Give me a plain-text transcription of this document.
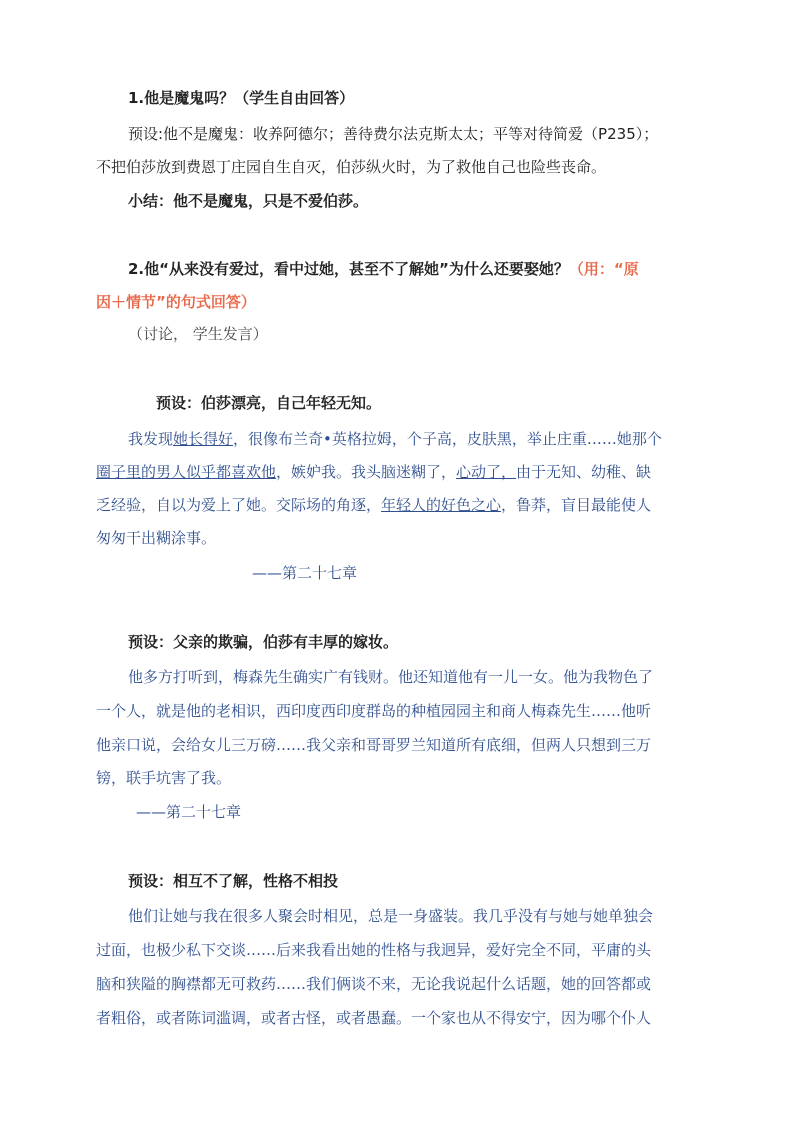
1.他是魔鬼吗？（学生自由回答）
预设:他不是魔鬼：收养阿德尔；善待费尔法克斯太太；平等对待简爱（P235）；
不把伯莎放到费恩丁庄园自生自灭，伯莎纵火时，为了救他自己也险些丧命。
小结：他不是魔鬼，只是不爱伯莎。
2.他“从来没有爱过，看中过她，甚至不了解她”为什么还要娶她？（用：“原
因＋情节”的句式回答）
（讨论， 学生发言）
预设：伯莎漂亮，自己年轻无知。
我发现她长得好，很像布兰奇•英格拉姆，个子高，皮肤黑，举止庄重……她那个
圈子里的男人似乎都喜欢他，嫉妒我。我头脑迷糊了，心动了，由于无知、幼稚、缺
乏经验，自以为爱上了她。交际场的角逐，年轻人的好色之心，鲁莽，盲目最能使人
匆匆干出糊涂事。
——第二十七章
预设：父亲的欺骗，伯莎有丰厚的嫁妆。
他多方打听到，梅森先生确实广有钱财。他还知道他有一儿一女。他为我物色了
一个人，就是他的老相识，西印度西印度群岛的种植园园主和商人梅森先生……他听
他亲口说，会给女儿三万磅……我父亲和哥哥罗兰知道所有底细，但两人只想到三万
镑，联手坑害了我。
——第二十七章
预设：相互不了解，性格不相投
他们让她与我在很多人聚会时相见，总是一身盛装。我几乎没有与她与她单独会
过面，也极少私下交谈……后来我看出她的性格与我迥异，爱好完全不同，平庸的头
脑和狭隘的胸襟都无可救药……我们俩谈不来，无论我说起什么话题，她的回答都或
者粗俗，或者陈词滥调，或者古怪，或者愚蠢。一个家也从不得安宁，因为哪个仆人
